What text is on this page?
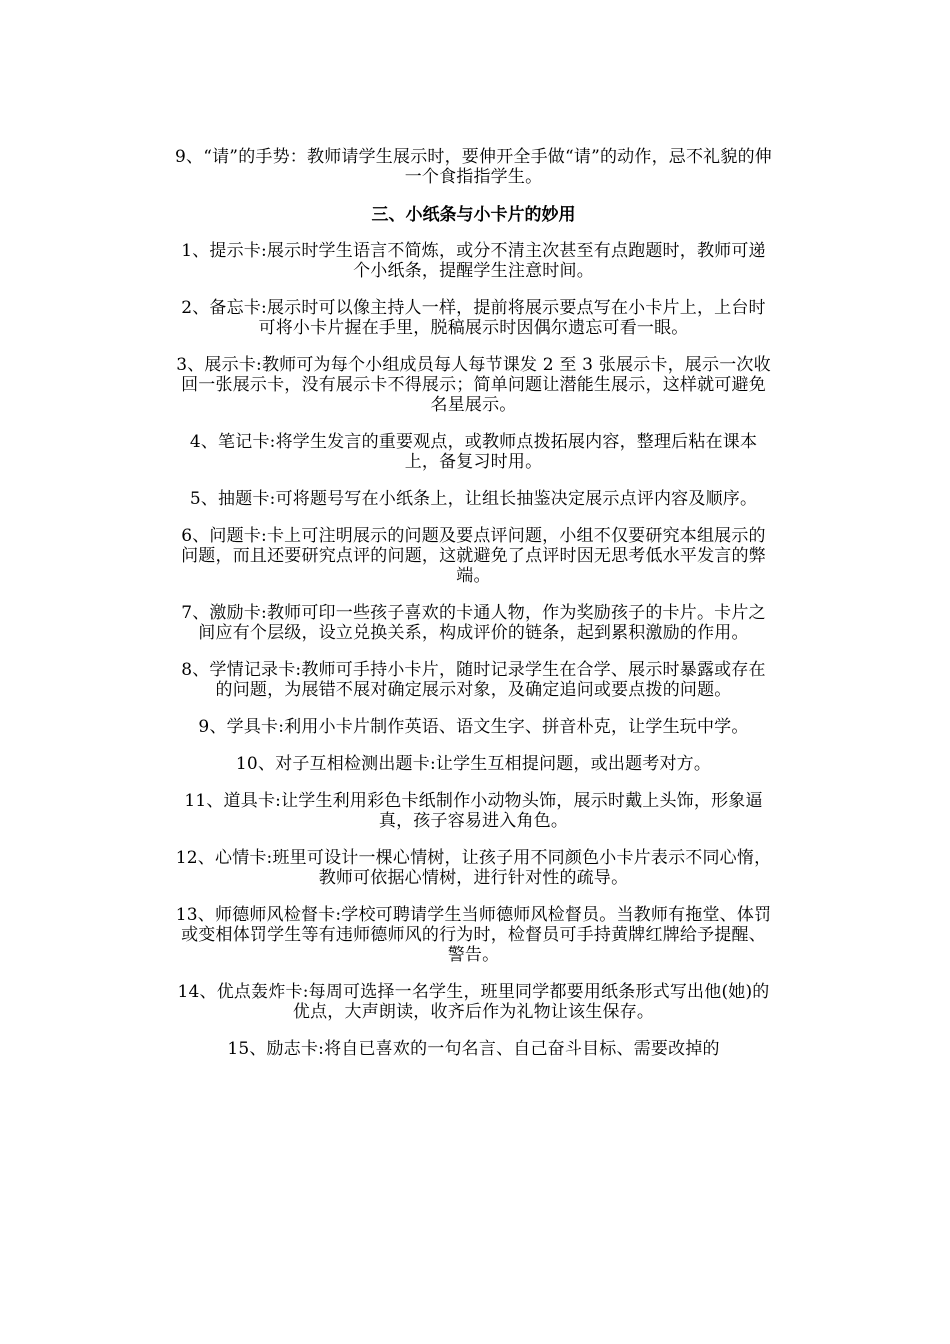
9、“请”的手势：教师请学生展示时，要伸开全手做“请”的动作，忌不礼貌的伸一个食指指学生。

三、小纸条与小卡片的妙用

1、提示卡:展示时学生语言不简炼，或分不清主次甚至有点跑题时，教师可递个小纸条，提醒学生注意时间。

2、备忘卡:展示时可以像主持人一样，提前将展示要点写在小卡片上，上台时可将小卡片握在手里，脱稿展示时因偶尔遗忘可看一眼。

3、展示卡:教师可为每个小组成员每人每节课发 2 至 3 张展示卡，展示一次收回一张展示卡，没有展示卡不得展示；简单问题让潜能生展示，这样就可避免名星展示。

4、笔记卡:将学生发言的重要观点，或教师点拨拓展内容，整理后粘在课本上，备复习时用。

5、抽题卡:可将题号写在小纸条上，让组长抽鉴决定展示点评内容及顺序。

6、问题卡:卡上可注明展示的问题及要点评问题，小组不仅要研究本组展示的问题，而且还要研究点评的问题，这就避免了点评时因无思考低水平发言的弊端。

7、激励卡:教师可印一些孩子喜欢的卡通人物，作为奖励孩子的卡片。卡片之间应有个层级，设立兑换关系，构成评价的链条，起到累积激励的作用。

8、学情记录卡:教师可手持小卡片，随时记录学生在合学、展示时暴露或存在的问题，为展错不展对确定展示对象，及确定追问或要点拨的问题。

9、学具卡:利用小卡片制作英语、语文生字、拼音朴克，让学生玩中学。

10、对子互相检测出题卡:让学生互相提问题，或出题考对方。

11、道具卡:让学生利用彩色卡纸制作小动物头饰，展示时戴上头饰，形象逼真，孩子容易进入角色。

12、心情卡:班里可设计一棵心情树，让孩子用不同颜色小卡片表示不同心惰，教师可依据心情树，进行针对性的疏导。

13、师德师风检督卡:学校可聘请学生当师德师风检督员。当教师有拖堂、体罚或变相体罚学生等有违师德师风的行为时，检督员可手持黄牌红牌给予提醒、警告。

14、优点轰炸卡:每周可选择一名学生，班里同学都要用纸条形式写出他(她)的优点，大声朗读，收齐后作为礼物让该生保存。

15、励志卡:将自已喜欢的一句名言、自己奋斗目标、需要改掉的
